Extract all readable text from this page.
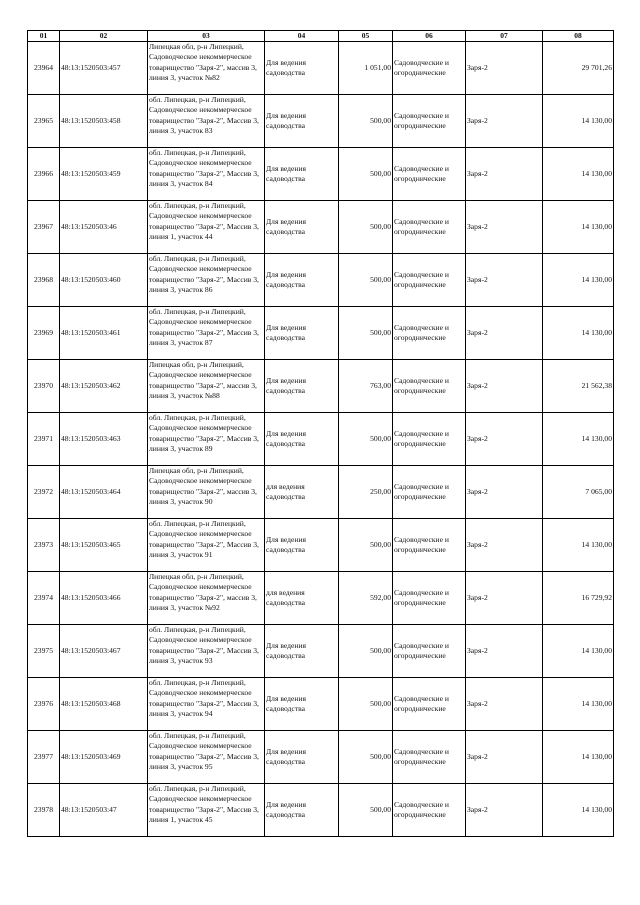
01	02	03	04	05	06	07	08
23964	48:13:1520503:457	Липецкая обл, р-н Липецкий, Садоводческое некоммерческое товарищество "Заря-2", массив 3, линия 3, участок №82	Для ведения садоводства	1 051,00	Садоводческие и огороднические	Заря-2	29 701,26
23965	48:13:1520503:458	обл. Липецкая, р-н Липецкий, Садоводческое некоммерческое товарищество "Заря-2", Массив 3, линия 3, участок 83	Для ведения садоводства	500,00	Садоводческие и огороднические	Заря-2	14 130,00
23966	48:13:1520503:459	обл. Липецкая, р-н Липецкий, Садоводческое некоммерческое товарищество "Заря-2", Массив 3, линия 3, участок 84	Для ведения садоводства	500,00	Садоводческие и огороднические	Заря-2	14 130,00
23967	48:13:1520503:46	обл. Липецкая, р-н Липецкий, Садоводческое некоммерческое товарищество "Заря-2", Массив 3, линия 1, участок 44	Для ведения садоводства	500,00	Садоводческие и огороднические	Заря-2	14 130,00
23968	48:13:1520503:460	обл. Липецкая, р-н Липецкий, Садоводческое некоммерческое товарищество "Заря-2", Массив 3, линия 3, участок 86	Для ведения садоводства	500,00	Садоводческие и огороднические	Заря-2	14 130,00
23969	48:13:1520503:461	обл. Липецкая, р-н Липецкий, Садоводческое некоммерческое товарищество "Заря-2", Массив 3, линия 3, участок 87	Для ведения садоводства	500,00	Садоводческие и огороднические	Заря-2	14 130,00
23970	48:13:1520503:462	Липецкая обл, р-н Липецкий, Садоводческое некоммерческое товарищество "Заря-2", массив 3, линия 3, участок №88	Для ведения садоводства	763,00	Садоводческие и огороднические	Заря-2	21 562,38
23971	48:13:1520503:463	обл. Липецкая, р-н Липецкий, Садоводческое некоммерческое товарищество "Заря-2", Массив 3, линия 3, участок 89	Для ведения садоводства	500,00	Садоводческие и огороднические	Заря-2	14 130,00
23972	48:13:1520503:464	Липецкая обл, р-н Липецкий, Садоводческое некоммерческое товарищество "Заря-2", массив 3, линия 3, участок 90	для ведения садоводства	250,00	Садоводческие и огороднические	Заря-2	7 065,00
23973	48:13:1520503:465	обл. Липецкая, р-н Липецкий, Садоводческое некоммерческое товарищество "Заря-2", Массив 3, линия 3, участок 91	Для ведения садоводства	500,00	Садоводческие и огороднические	Заря-2	14 130,00
23974	48:13:1520503:466	Липецкая обл, р-н Липецкий, Садоводческое некоммерческое товарищество "Заря-2", массив 3, линия 3, участок №92	для ведения садоводства	592,00	Садоводческие и огороднические	Заря-2	16 729,92
23975	48:13:1520503:467	обл. Липецкая, р-н Липецкий, Садоводческое некоммерческое товарищество "Заря-2", Массив 3, линия 3, участок 93	Для ведения садоводства	500,00	Садоводческие и огороднические	Заря-2	14 130,00
23976	48:13:1520503:468	обл. Липецкая, р-н Липецкий, Садоводческое некоммерческое товарищество "Заря-2", Массив 3, линия 3, участок 94	Для ведения садоводства	500,00	Садоводческие и огороднические	Заря-2	14 130,00
23977	48:13:1520503:469	обл. Липецкая, р-н Липецкий, Садоводческое некоммерческое товарищество "Заря-2", Массив 3, линия 3, участок 95	Для ведения садоводства	500,00	Садоводческие и огороднические	Заря-2	14 130,00
23978	48:13:1520503:47	обл. Липецкая, р-н Липецкий, Садоводческое некоммерческое товарищество "Заря-2", Массив 3, линия 1, участок 45	Для ведения садоводства	500,00	Садоводческие и огороднические	Заря-2	14 130,00
